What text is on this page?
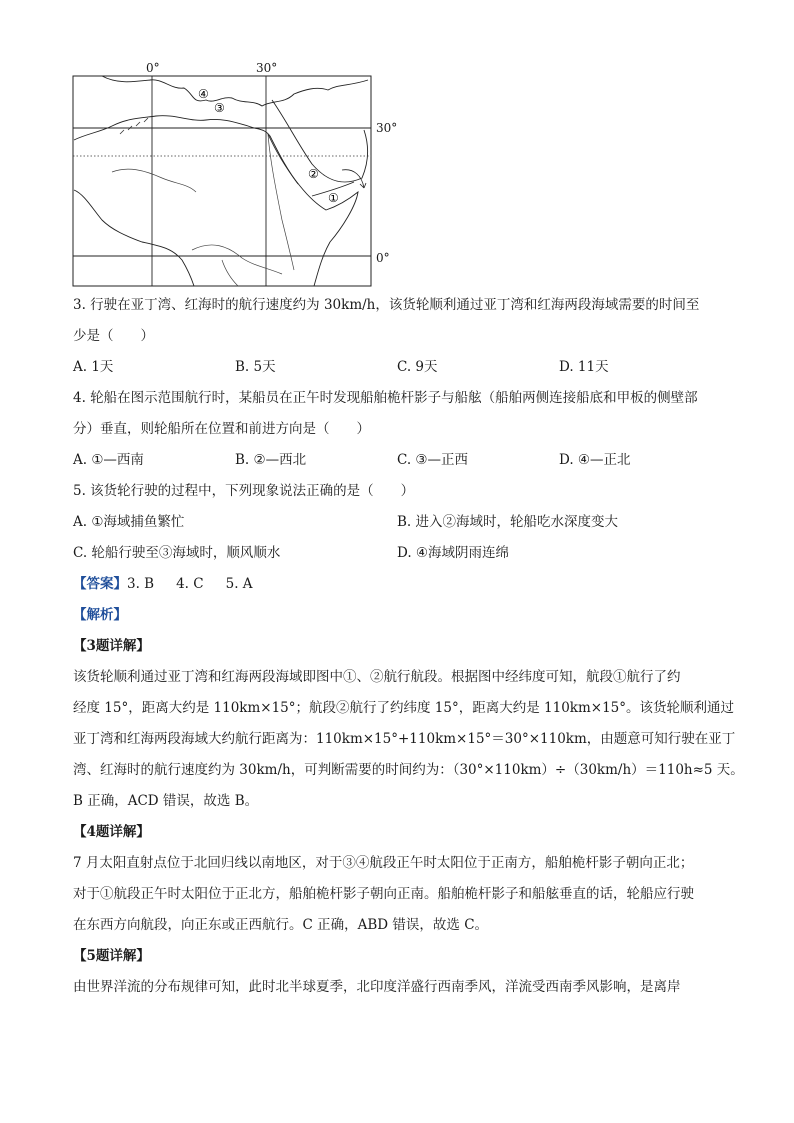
①
②
③
④
0°	30°
30°
0°
3. 行驶在亚丁湾、红海时的航行速度约为 30km/h，该货轮顺利通过亚丁湾和红海两段海域需要的时间至
少是（　　）
A. 1天	B. 5天	C. 9天	D. 11天
4. 轮船在图示范围航行时，某船员在正午时发现船舶桅杆影子与船舷（船舶两侧连接船底和甲板的侧壁部
分）垂直，则轮船所在位置和前进方向是（　　）
A. ①—西南	B. ②—西北	C. ③—正西	D. ④—正北
5. 该货轮行驶的过程中，下列现象说法正确的是（　　）
A. ①海域捕鱼繁忙	B. 进入②海域时，轮船吃水深度变大
C. 轮船行驶至③海域时，顺风顺水	D. ④海域阴雨连绵
【答案】3. B 4. C 5. A
【解析】
【3题详解】
该货轮顺利通过亚丁湾和红海两段海域即图中①、②航行航段。根据图中经纬度可知，航段①航行了约
经度 15°，距离大约是 110km×15°；航段②航行了约纬度 15°，距离大约是 110km×15°。该货轮顺利通过
亚丁湾和红海两段海域大约航行距离为：110km×15°+110km×15°＝30°×110km，由题意可知行驶在亚丁
湾、红海时的航行速度约为 30km/h，可判断需要的时间约为：（30°×110km）÷（30km/h）＝110h≈5 天。
B 正确，ACD 错误，故选 B。
【4题详解】
7 月太阳直射点位于北回归线以南地区，对于③④航段正午时太阳位于正南方，船舶桅杆影子朝向正北；
对于①航段正午时太阳位于正北方，船舶桅杆影子朝向正南。船舶桅杆影子和船舷垂直的话，轮船应行驶
在东西方向航段，向正东或正西航行。C 正确，ABD 错误，故选 C。
【5题详解】
由世界洋流的分布规律可知，此时北半球夏季，北印度洋盛行西南季风，洋流受西南季风影响，是离岸
